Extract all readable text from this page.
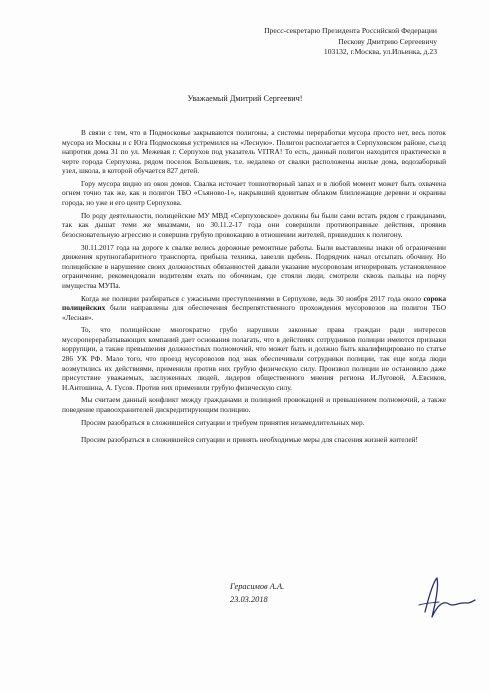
Пресс-секретарю Президента Российской Федерации
Пескову Дмитрию Сергеевичу
103132, г.Москва, ул.Ильинка, д.23
Уважаемый Дмитрий Сергеевич!

В связи с тем, что в Подмосковье закрываются полигоны, а системы переработки мусора просто нет, весь поток мусора из Москвы и с Юга Подмосковья устремился на «Лесную». Полигон располагается в Серпуховском районе, съезд напротив дома 31 по ул. Межевая г. Серпухов под указатель VITRA! То есть, данный полигон находится практически в черте города Серпухова, рядом поселок Большевик, т.е. недалеко от свалки расположены жилые дома, водозаборный узел, школа, в которой обучается 827 детей.

Гору мусора видно из окон домов. Свалка источает тошнотворный запах и в любой момент может быть охвачена огнем точно так же, как и полигон ТБО «Съяново-1», накрывший ядовитым облаком близлежащие деревни и окраины города, но уже и его центр Серпухова.

По роду деятельности, полицейские МУ МВД «Серпуховское» должны бы были сами встать рядом с гражданами, так как дышат теми же миазмами, но 30.11.2-17 года они совершили противоправные действия, проявив безосновательную агрессию и совершив грубую провокацию в отношении жителей, пришедших к полигону.

30.11.2017 года на дороге к свалке велись дорожные ремонтные работы. Были выставлены знаки об ограничении движения крупногабаритного транспорта, прибыла техника, завезли щебень. Подрядчик начал отсыпать обочину. Но полицейские в нарушение своих должностных обязанностей давали указание мусоровозам игнорировать установленное ограничение, рекомендовали водителям ехать по обочинам, где стояли люди, смотрели сквозь пальцы на порчу имущества МУПа.

Когда же полиции разбираться с ужасными преступлениями в Серпухове, ведь 30 ноября 2017 года около сорока полицейских были направлены для обеспечения беспрепятственного прохождения мусоровозов на полигон ТБО «Лесная».

То, что полицейские многократно грубо нарушили законные права граждан ради интересов мусороперерабатывающих компаний дает основания полагать, что в действиях сотрудников полиции имеются признаки коррупции, а также превышения должностных полномочий, что может быть и должно быть квалифицировано по статье 286 УК РФ. Мало того, что проезд мусоровозов под знак обеспечивали сотрудники полиции, так еще когда люди возмутились их действиями, применили против них грубую физическую силу. Произвол полиции не остановило даже присутствие уважаемых, заслуженных людей, лидеров общественного мнения региона И.Луговой, А.Евсиков, Н.Антошина, А. Гусов. Против них применили грубую физическую силу.

Мы считаем данный конфликт между гражданами и полицией провокацией и превышением полномочий, а также поведение правоохранителей дискредитирующим полицию.

Просим разобраться в сложившейся ситуации и требуем принятия незамедлительных мер.

Просим разобраться в сложившейся ситуации и принять необходимые меры для спасения жизней жителей!

Герасимов А.А.
23.03.2018
